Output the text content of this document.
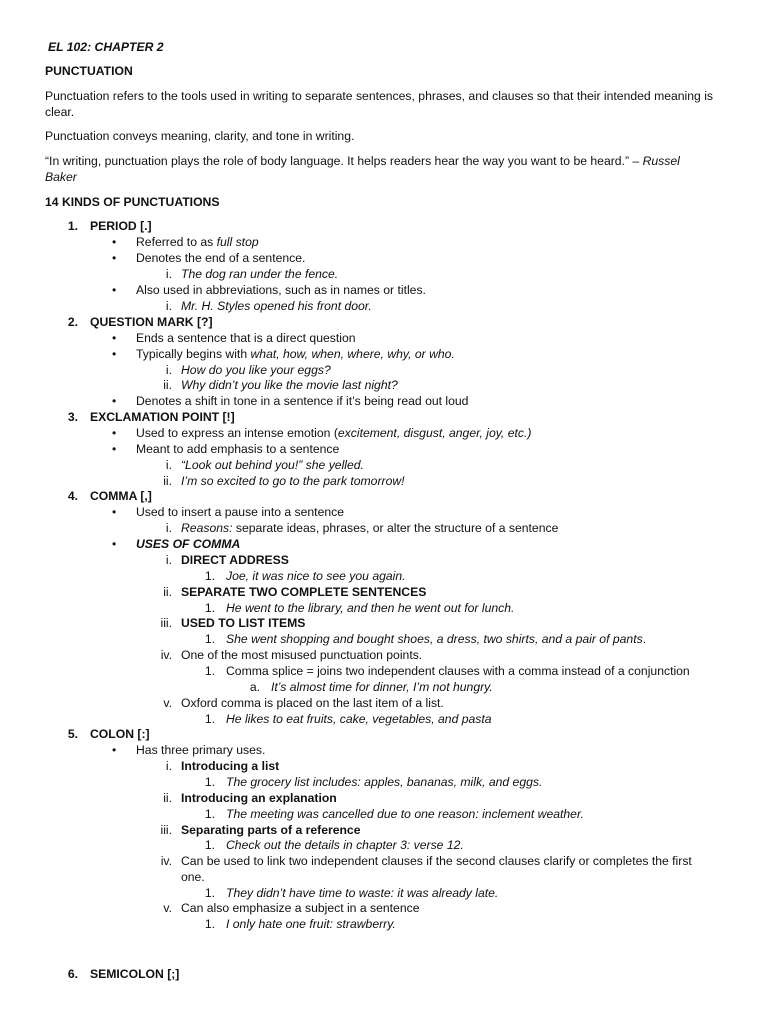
EL 102: CHAPTER 2
PUNCTUATION
Punctuation refers to the tools used in writing to separate sentences, phrases, and clauses so that their intended meaning is clear.
Punctuation conveys meaning, clarity, and tone in writing.
“In writing, punctuation plays the role of body language. It helps readers hear the way you want to be heard.” – Russel Baker
14 KINDS OF PUNCTUATIONS
1. PERIOD [.]
• Referred to as full stop
• Denotes the end of a sentence.
i. The dog ran under the fence.
• Also used in abbreviations, such as in names or titles.
i. Mr. H. Styles opened his front door.
2. QUESTION MARK [?]
• Ends a sentence that is a direct question
• Typically begins with what, how, when, where, why, or who.
i. How do you like your eggs?
ii. Why didn’t you like the movie last night?
• Denotes a shift in tone in a sentence if it’s being read out loud
3. EXCLAMATION POINT [!]
• Used to express an intense emotion (excitement, disgust, anger, joy, etc.)
• Meant to add emphasis to a sentence
i. “Look out behind you!” she yelled.
ii. I’m so excited to go to the park tomorrow!
4. COMMA [,]
• Used to insert a pause into a sentence
i. Reasons: separate ideas, phrases, or alter the structure of a sentence
• USES OF COMMA
i. DIRECT ADDRESS
1. Joe, it was nice to see you again.
ii. SEPARATE TWO COMPLETE SENTENCES
1. He went to the library, and then he went out for lunch.
iii. USED TO LIST ITEMS
1. She went shopping and bought shoes, a dress, two shirts, and a pair of pants.
iv. One of the most misused punctuation points.
1. Comma splice = joins two independent clauses with a comma instead of a conjunction
a. It’s almost time for dinner, I’m not hungry.
v. Oxford comma is placed on the last item of a list.
1. He likes to eat fruits, cake, vegetables, and pasta
5. COLON [:]
• Has three primary uses.
i. Introducing a list
1. The grocery list includes: apples, bananas, milk, and eggs.
ii. Introducing an explanation
1. The meeting was cancelled due to one reason: inclement weather.
iii. Separating parts of a reference
1. Check out the details in chapter 3: verse 12.
iv. Can be used to link two independent clauses if the second clauses clarify or completes the first one.
1. They didn’t have time to waste: it was already late.
v. Can also emphasize a subject in a sentence
1. I only hate one fruit: strawberry.
6. SEMICOLON [;]
